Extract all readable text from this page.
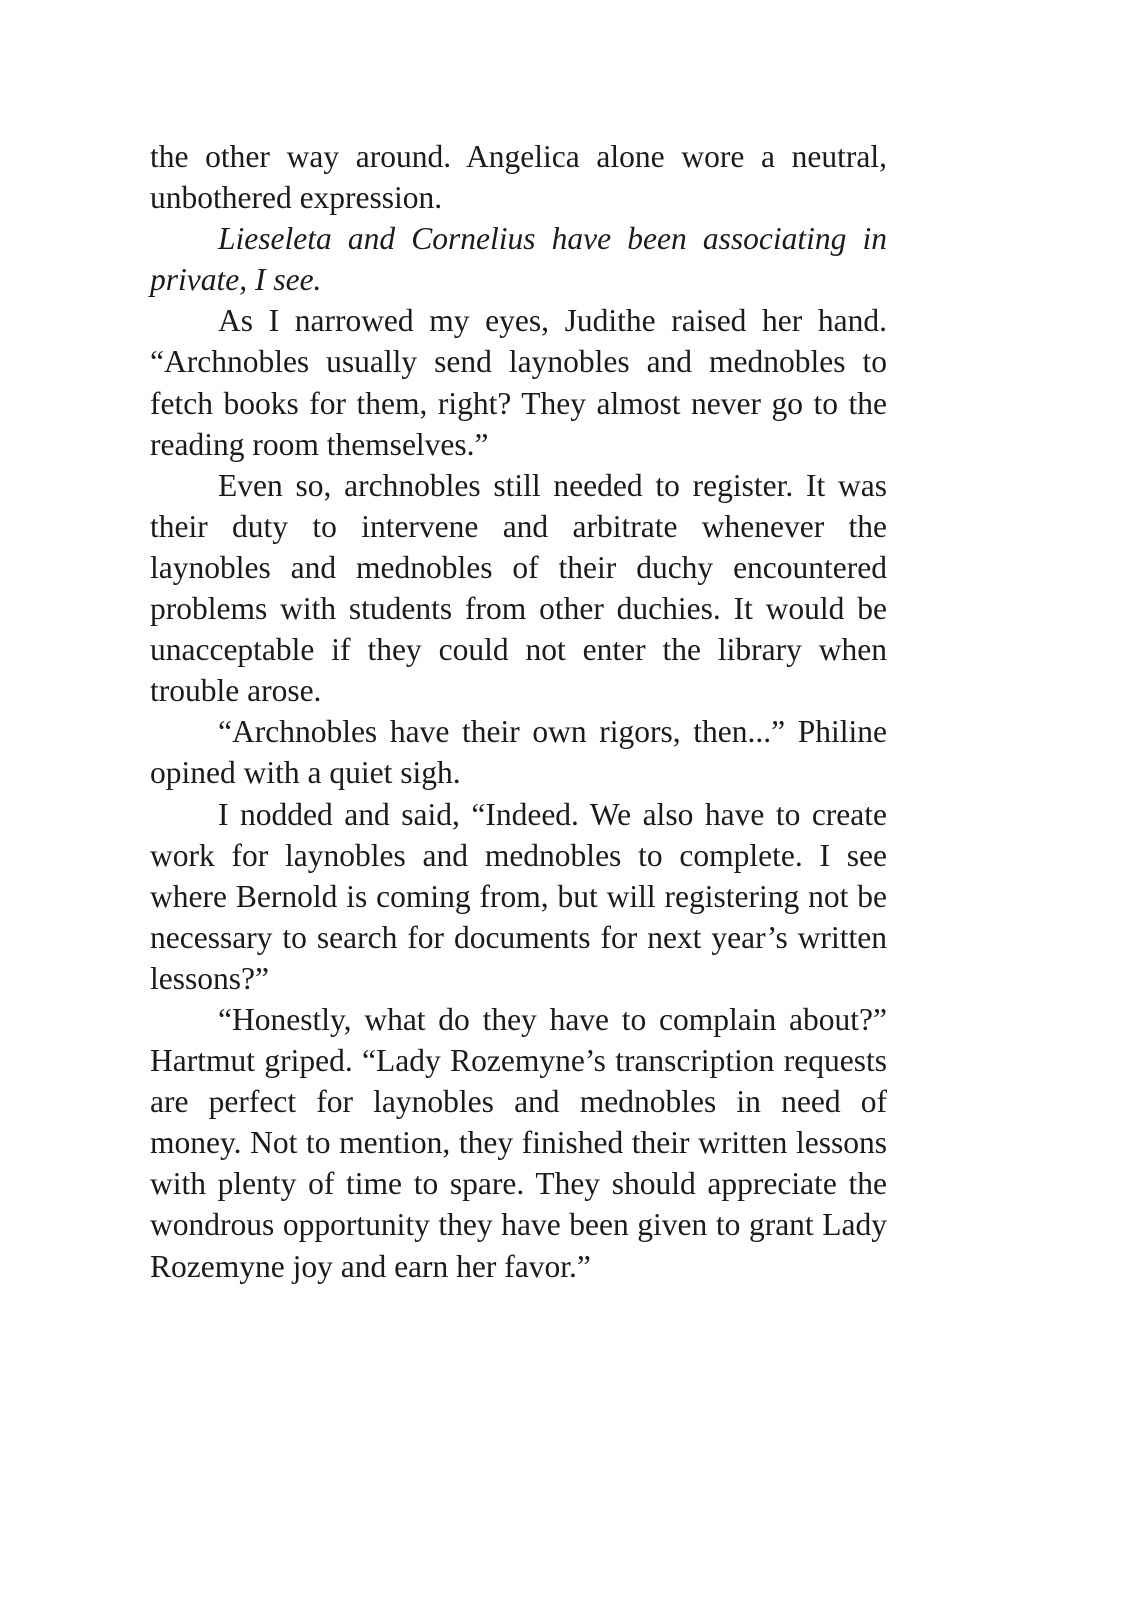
the other way around. Angelica alone wore a neutral, unbothered expression.

Lieseleta and Cornelius have been associating in private, I see.

As I narrowed my eyes, Judithe raised her hand. “Archnobles usually send laynobles and mednobles to fetch books for them, right? They almost never go to the reading room themselves.”

Even so, archnobles still needed to register. It was their duty to intervene and arbitrate whenever the laynobles and mednobles of their duchy encountered problems with students from other duchies. It would be unacceptable if they could not enter the library when trouble arose.

“Archnobles have their own rigors, then...” Philine opined with a quiet sigh.

I nodded and said, “Indeed. We also have to create work for laynobles and mednobles to complete. I see where Bernold is coming from, but will registering not be necessary to search for documents for next year’s written lessons?”

“Honestly, what do they have to complain about?” Hartmut griped. “Lady Rozemyne’s transcription requests are perfect for laynobles and mednobles in need of money. Not to mention, they finished their written lessons with plenty of time to spare. They should appreciate the wondrous opportunity they have been given to grant Lady Rozemyne joy and earn her favor.”
